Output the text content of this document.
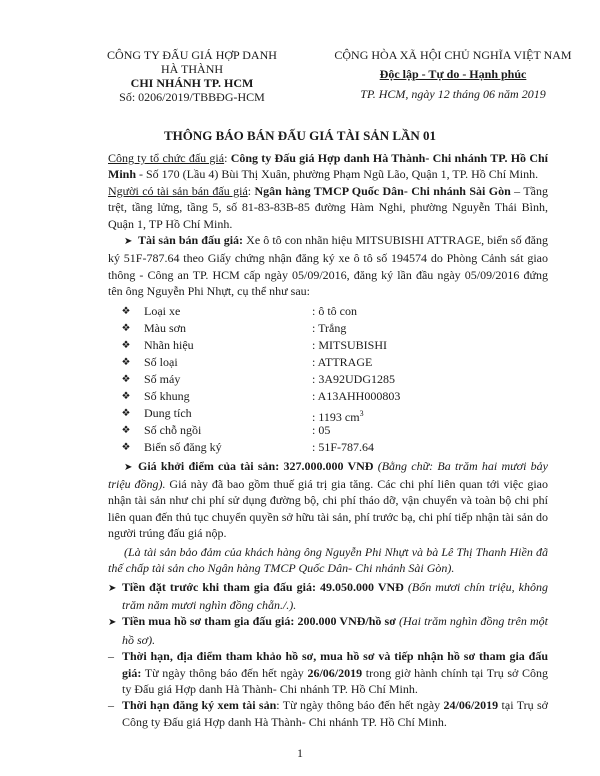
CÔNG TY ĐẤU GIÁ HỢP DANH
HÀ THÀNH
CHI NHÁNH TP. HCM
Số: 0206/2019/TBBĐG-HCM
CỘNG HÒA XÃ HỘI CHỦ NGHĨA VIỆT NAM
Độc lập - Tự do - Hạnh phúc
TP. HCM, ngày 12 tháng 06 năm 2019
THÔNG BÁO BÁN ĐẤU GIÁ TÀI SẢN LẦN 01

Công ty tổ chức đấu giá: Công ty Đấu giá Hợp danh Hà Thành- Chi nhánh TP. Hồ Chí Minh - Số 170 (Lầu 4) Bùi Thị Xuân, phường Phạm Ngũ Lão, Quận 1, TP. Hồ Chí Minh.

Người có tài sản bán đấu giá: Ngân hàng TMCP Quốc Dân- Chi nhánh Sài Gòn – Tầng trệt, tầng lửng, tầng 5, số 81-83-83B-85 đường Hàm Nghi, phường Nguyễn Thái Bình, Quận 1, TP Hồ Chí Minh.

➤ Tài sản bán đấu giá: Xe ô tô con nhãn hiệu MITSUBISHI ATTRAGE, biển số đăng ký 51F-787.64 theo Giấy chứng nhận đăng ký xe ô tô số 194574 do Phòng Cảnh sát giao thông - Công an TP. HCM cấp ngày 05/09/2016, đăng ký lần đầu ngày 05/09/2016 đứng tên ông Nguyễn Phi Nhựt, cụ thể như sau:

❖	Loại xe	: ô tô con
❖	Màu sơn	: Trắng
❖	Nhãn hiệu	: MITSUBISHI
❖	Số loại	: ATTRAGE
❖	Số máy	: 3A92UDG1285
❖	Số khung	: A13AHH000803
❖	Dung tích	: 1193 $cm^3$
❖	Số chỗ ngồi	: 05
❖	Biển số đăng ký	: 51F-787.64

➤ Giá khởi điểm của tài sản: 327.000.000 VNĐ (Bằng chữ: Ba trăm hai mươi bảy triệu đồng). Giá này đã bao gồm thuế giá trị gia tăng. Các chi phí liên quan tới việc giao nhận tài sản như chi phí sử dụng đường bộ, chi phí tháo dỡ, vận chuyển và toàn bộ chi phí liên quan đến thủ tục chuyển quyền sở hữu tài sản, phí trước bạ, chi phí tiếp nhận tài sản do người trúng đấu giá nộp.

(Là tài sản bảo đảm của khách hàng ông Nguyễn Phi Nhựt và bà Lê Thị Thanh Hiền đã thế chấp tài sản cho Ngân hàng TMCP Quốc Dân- Chi nhánh Sài Gòn).

➤ Tiền đặt trước khi tham gia đấu giá: 49.050.000 VNĐ (Bốn mươi chín triệu, không trăm năm mươi nghìn đồng chẵn./.).

➤ Tiền mua hồ sơ tham gia đấu giá: 200.000 VNĐ/hồ sơ (Hai trăm nghìn đồng trên một hồ sơ).

– Thời hạn, địa điểm tham khảo hồ sơ, mua hồ sơ và tiếp nhận hồ sơ tham gia đấu giá: Từ ngày thông báo đến hết ngày 26/06/2019 trong giờ hành chính tại Trụ sở Công ty Đấu giá Hợp danh Hà Thành- Chi nhánh TP. Hồ Chí Minh.

– Thời hạn đăng ký xem tài sản: Từ ngày thông báo đến hết ngày 24/06/2019 tại Trụ sở Công ty Đấu giá Hợp danh Hà Thành- Chi nhánh TP. Hồ Chí Minh.

1
